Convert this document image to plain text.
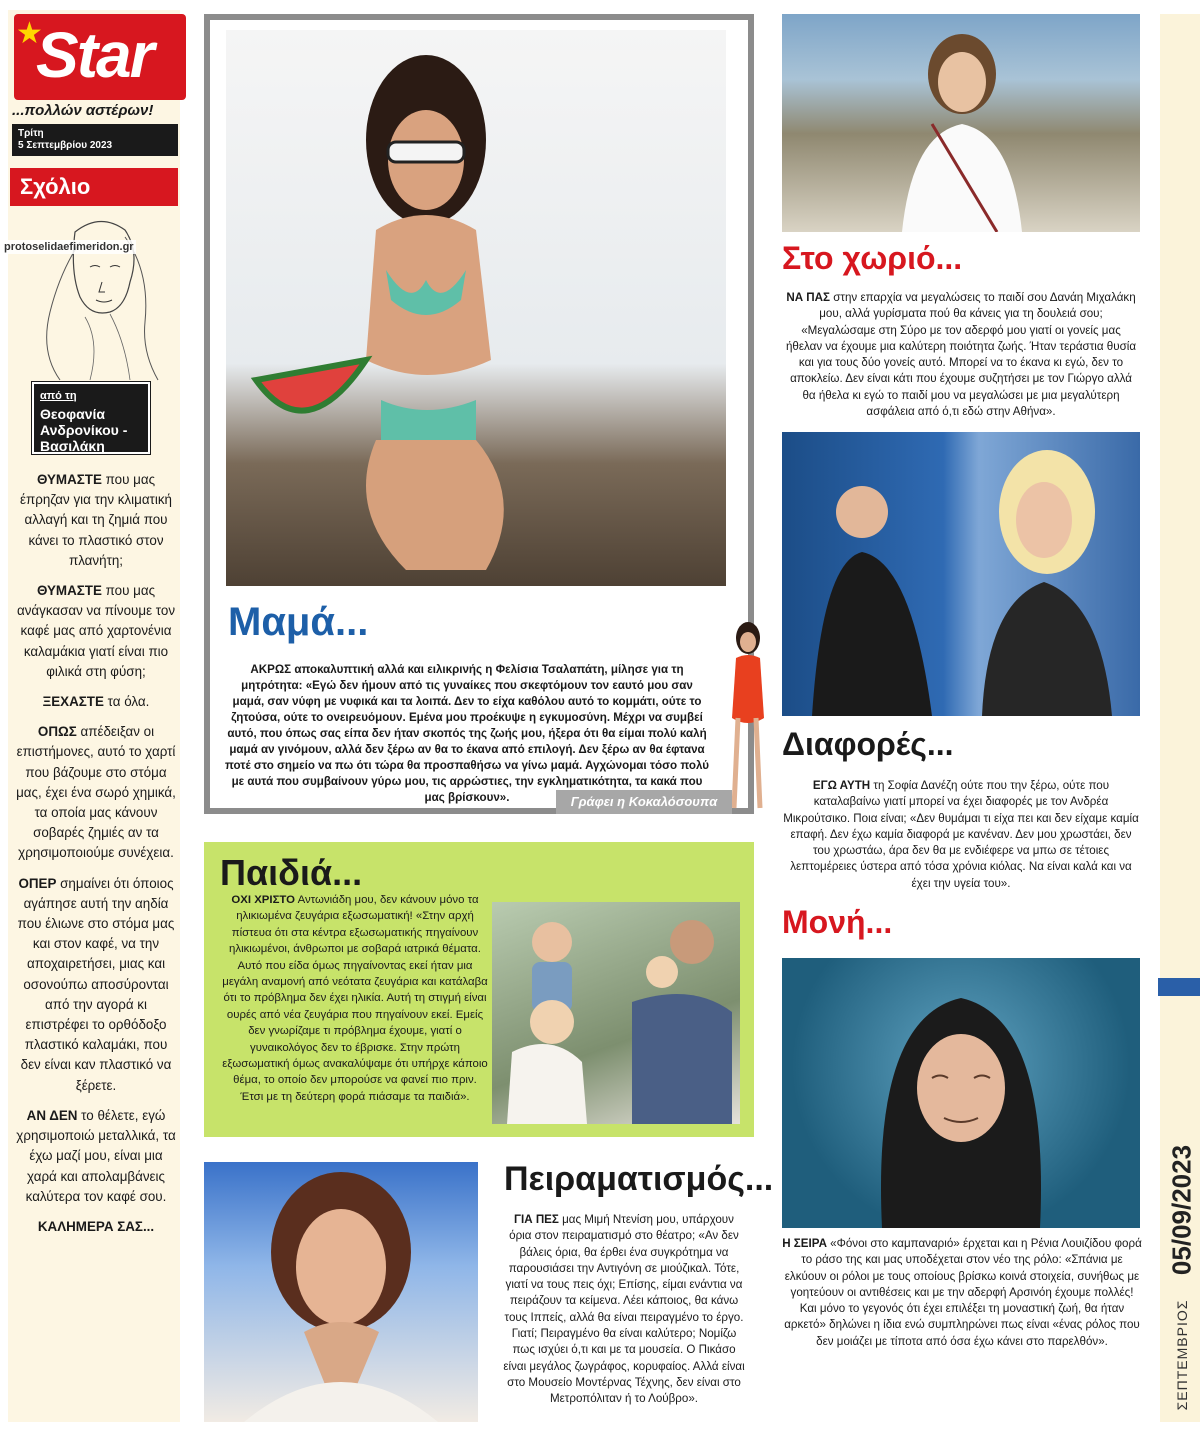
★
Star
...πολλών αστέρων!
Τρίτη
5 Σεπτεμβρίου 2023
Σχόλιο
protoselidaefimeridon.gr
από τη
Θεοφανία Ανδρονίκου - Βασιλάκη

ΘΥΜΑΣΤΕ που μας έπρηζαν για την κλιματική αλλαγή και τη ζημιά που κάνει το πλαστικό στον πλανήτη;

ΘΥΜΑΣΤΕ που μας ανάγκασαν να πίνουμε τον καφέ μας από χαρτονένια καλαμάκια γιατί είναι πιο φιλικά στη φύση;

ΞΕΧΑΣΤΕ τα όλα.

ΟΠΩΣ απέδειξαν οι επιστήμονες, αυτό το χαρτί που βάζουμε στο στόμα μας, έχει ένα σωρό χημικά, τα οποία μας κάνουν σοβαρές ζημιές αν τα χρησιμοποιούμε συνέχεια.

ΟΠΕΡ σημαίνει ότι όποιος αγάπησε αυτή την αηδία που έλιωνε στο στόμα μας και στον καφέ, να την αποχαιρετήσει, μιας και οσονούπω αποσύρονται από την αγορά κι επιστρέφει το ορθόδοξο πλαστικό καλαμάκι, που δεν είναι καν πλαστικό να ξέρετε.

ΑΝ ΔΕΝ το θέλετε, εγώ χρησιμοποιώ μεταλλικά, τα έχω μαζί μου, είναι μια χαρά και απολαμβάνεις καλύτερα τον καφέ σου.

ΚΑΛΗΜΕΡΑ ΣΑΣ...

Μαμά...
ΑΚΡΩΣ αποκαλυπτική αλλά και ειλικρινής η Φελίσια Τσαλαπάτη, μίλησε για τη μητρότητα: «Εγώ δεν ήμουν από τις γυναίκες που σκεφτόμουν τον εαυτό μου σαν μαμά, σαν νύφη με νυφικά και τα λοιπά. Δεν το είχα καθόλου αυτό το κομμάτι, ούτε το ζητούσα, ούτε το ονειρευόμουν. Εμένα μου προέκυψε η εγκυμοσύνη. Μέχρι να συμβεί αυτό, που όπως σας είπα δεν ήταν σκοπός της ζωής μου, ήξερα ότι θα είμαι πολύ καλή μαμά αν γινόμουν, αλλά δεν ξέρω αν θα το έκανα από επιλογή. Δεν ξέρω αν θα έφτανα ποτέ στο σημείο να πω ότι τώρα θα προσπαθήσω να γίνω μαμά. Αγχώνομαι τόσο πολύ με αυτά που συμβαίνουν γύρω μου, τις αρρώστιες, την εγκληματικότητα, τα κακά που μας βρίσκουν».	Γράφει η Κοκαλόσουπα
Παιδιά...
ΟΧΙ ΧΡΙΣΤΟ Αντωνιάδη μου, δεν κάνουν μόνο τα ηλικιωμένα ζευγάρια εξωσωματική! «Στην αρχή πίστευα ότι στα κέντρα εξωσωματικής πηγαίνουν ηλικιωμένοι, άνθρωποι με σοβαρά ιατρικά θέματα. Αυτό που είδα όμως πηγαίνοντας εκεί ήταν μια μεγάλη αναμονή από νεότατα ζευγάρια και κατάλαβα ότι το πρόβλημα δεν έχει ηλικία. Αυτή τη στιγμή είναι ουρές από νέα ζευγάρια που πηγαίνουν εκεί. Εμείς δεν γνωρίζαμε τι πρόβλημα έχουμε, γιατί ο γυναικολόγος δεν το έβρισκε. Στην πρώτη εξωσωματική όμως ανακαλύψαμε ότι υπήρχε κάποιο θέμα, το οποίο δεν μπορούσε να φανεί πιο πριν. Έτσι με τη δεύτερη φορά πιάσαμε τα παιδιά».
Πειραματισμός...
ΓΙΑ ΠΕΣ μας Μιμή Ντενίση μου, υπάρχουν όρια στον πειραματισμό στο θέατρο; «Αν δεν βάλεις όρια, θα έρθει ένα συγκρότημα να παρουσιάσει την Αντιγόνη σε μιούζικαλ. Τότε, γιατί να τους πεις όχι; Επίσης, είμαι ενάντια να πειράζουν τα κείμενα. Λέει κάποιος, θα κάνω τους Ιππείς, αλλά θα είναι πειραγμένο το έργο. Γιατί; Πειραγμένο θα είναι καλύτερο; Νομίζω πως ισχύει ό,τι και με τα μουσεία. Ο Πικάσο είναι μεγάλος ζωγράφος, κορυφαίος. Αλλά είναι στο Μουσείο Μοντέρνας Τέχνης, δεν είναι στο Μετροπόλιταν ή το Λούβρο».
Στο χωριό...
ΝΑ ΠΑΣ στην επαρχία να μεγαλώσεις το παιδί σου Δανάη Μιχαλάκη μου, αλλά γυρίσματα πού θα κάνεις για τη δουλειά σου; «Μεγαλώσαμε στη Σύρο με τον αδερφό μου γιατί οι γονείς μας ήθελαν να έχουμε μια καλύτερη ποιότητα ζωής. Ήταν τεράστια θυσία και για τους δύο γονείς αυτό. Μπορεί να το έκανα κι εγώ, δεν το αποκλείω. Δεν είναι κάτι που έχουμε συζητήσει με τον Γιώργο αλλά θα ήθελα κι εγώ το παιδί μου να μεγαλώσει με μια μεγαλύτερη ασφάλεια από ό,τι εδώ στην Αθήνα».
Διαφορές...
ΕΓΩ ΑΥΤΗ τη Σοφία Δανέζη ούτε που την ξέρω, ούτε που καταλαβαίνω γιατί μπορεί να έχει διαφορές με τον Ανδρέα Μικρούτσικο. Ποια είναι; «Δεν θυμάμαι τι είχα πει και δεν είχαμε καμία επαφή. Δεν έχω καμία διαφορά με κανέναν. Δεν μου χρωστάει, δεν του χρωστάω, άρα δεν θα με ενδιέφερε να μπω σε τέτοιες λεπτομέρειες ύστερα από τόσα χρόνια κιόλας. Να είναι καλά και να έχει την υγεία του».
Μονή...
Η ΣΕΙΡΑ «Φόνοι στο καμπαναριό» έρχεται και η Ρένια Λουιζίδου φορά το ράσο της και μας υποδέχεται στον νέο της ρόλο: «Σπάνια με ελκύουν οι ρόλοι με τους οποίους βρίσκω κοινά στοιχεία, συνήθως με γοητεύουν οι αντιθέσεις και με την αδερφή Αρσινόη έχουμε πολλές! Και μόνο το γεγονός ότι έχει επιλέξει τη μοναστική ζωή, θα ήταν αρκετό» δηλώνει η ίδια ενώ συμπληρώνει πως είναι «ένας ρόλος που δεν μοιάζει με τίποτα από όσα έχω κάνει στο παρελθόν».
05/09/2023
ΣΕΠΤΕΜΒΡΙΟΣ
